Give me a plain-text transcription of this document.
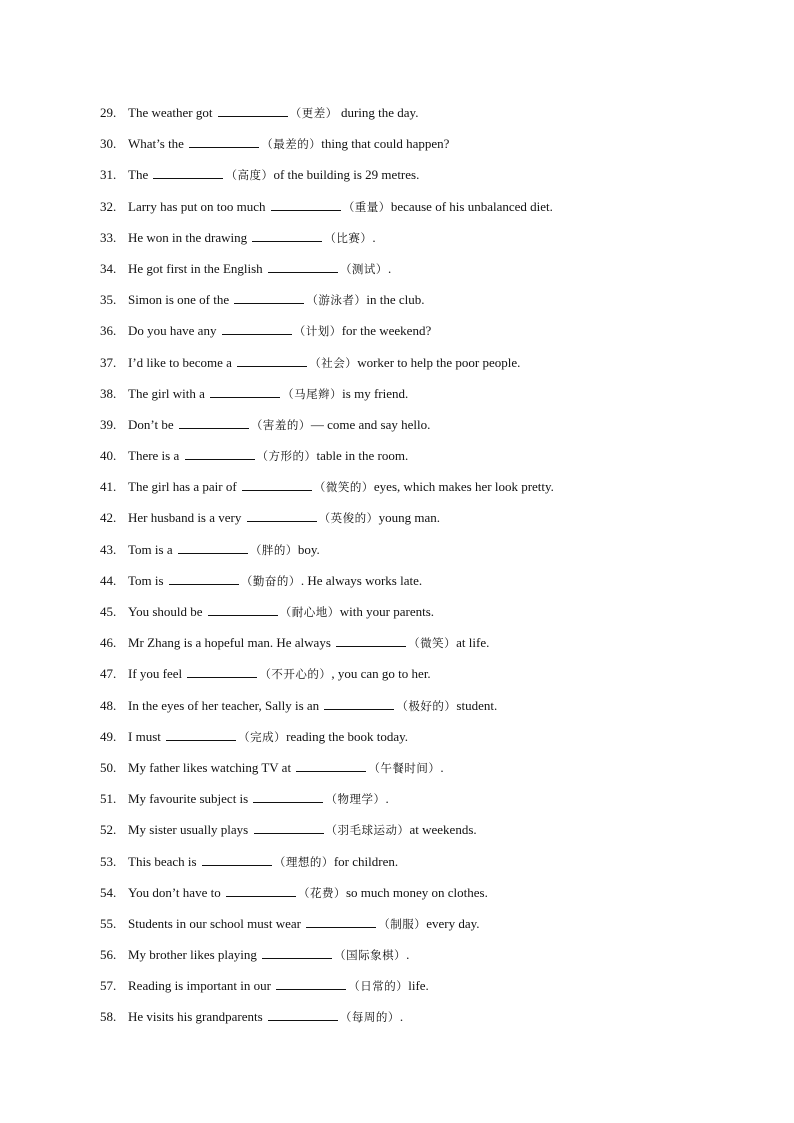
29. The weather got	（更差） during the day.
30. What’s the	（最差的）thing that could happen?
31. The	（高度）of the building is 29 metres.
32. Larry has put on too much	（重量）because of his unbalanced diet.
33. He won in the drawing	（比赛）.
34. He got first in the English	（测试）.
35. Simon is one of the	（游泳者）in the club.
36. Do you have any	（计划）for the weekend?
37. I’d like to become a	（社会）worker to help the poor people.
38. The girl with a	（马尾辫）is my friend.
39. Don’t be	（害羞的）— come and say hello.
40. There is a	（方形的）table in the room.
41. The girl has a pair of	（微笑的）eyes, which makes her look pretty.
42. Her husband is a very	（英俊的）young man.
43. Tom is a	（胖的）boy.
44. Tom is	（勤奋的）. He always works late.
45. You should be	（耐心地）with your parents.
46. Mr Zhang is a hopeful man. He always	（微笑）at life.
47. If you feel	（不开心的）, you can go to her.
48. In the eyes of her teacher, Sally is an	（极好的）student.
49. I must	（完成）reading the book today.
50. My father likes watching TV at	（午餐时间）.
51. My favourite subject is	（物理学）.
52. My sister usually plays	（羽毛球运动）at weekends.
53. This beach is	（理想的）for children.
54. You don’t have to	（花费）so much money on clothes.
55. Students in our school must wear	（制服）every day.
56. My brother likes playing	（国际象棋）.
57. Reading is important in our	（日常的）life.
58. He visits his grandparents	（每周的）.
